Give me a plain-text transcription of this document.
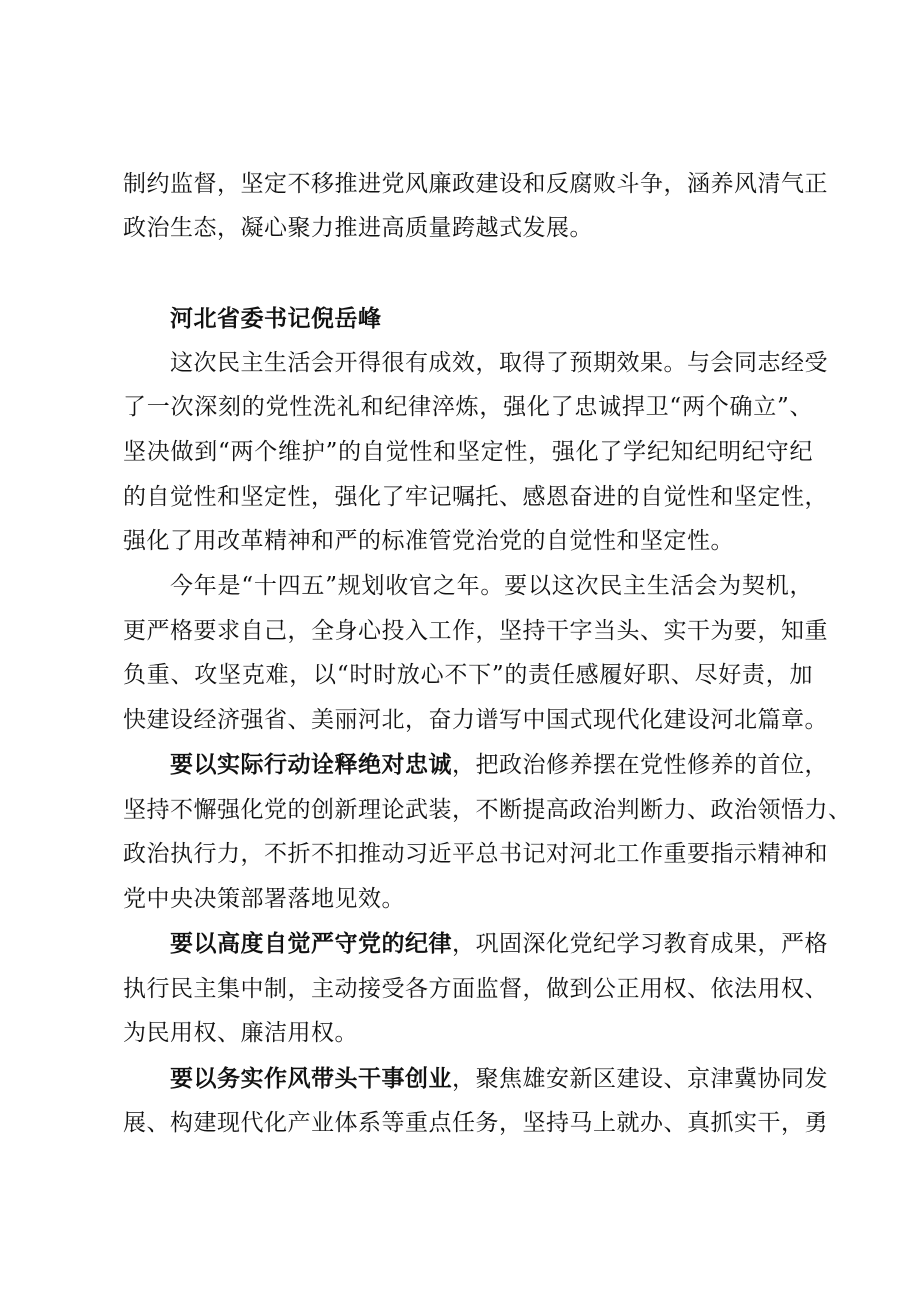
制约监督，坚定不移推进党风廉政建设和反腐败斗争，涵养风清气正
政治生态，凝心聚力推进高质量跨越式发展。
河北省委书记倪岳峰
这次民主生活会开得很有成效，取得了预期效果。与会同志经受
了一次深刻的党性洗礼和纪律淬炼，强化了忠诚捍卫“两个确立”、
坚决做到“两个维护”的自觉性和坚定性，强化了学纪知纪明纪守纪
的自觉性和坚定性，强化了牢记嘱托、感恩奋进的自觉性和坚定性，
强化了用改革精神和严的标准管党治党的自觉性和坚定性。
今年是“十四五”规划收官之年。要以这次民主生活会为契机，
更严格要求自己，全身心投入工作，坚持干字当头、实干为要，知重
负重、攻坚克难，以“时时放心不下”的责任感履好职、尽好责，加
快建设经济强省、美丽河北，奋力谱写中国式现代化建设河北篇章。
要以实际行动诠释绝对忠诚，把政治修养摆在党性修养的首位，
坚持不懈强化党的创新理论武装，不断提高政治判断力、政治领悟力、
政治执行力，不折不扣推动习近平总书记对河北工作重要指示精神和
党中央决策部署落地见效。
要以高度自觉严守党的纪律，巩固深化党纪学习教育成果，严格
执行民主集中制，主动接受各方面监督，做到公正用权、依法用权、
为民用权、廉洁用权。
要以务实作风带头干事创业，聚焦雄安新区建设、京津冀协同发
展、构建现代化产业体系等重点任务，坚持马上就办、真抓实干，勇
